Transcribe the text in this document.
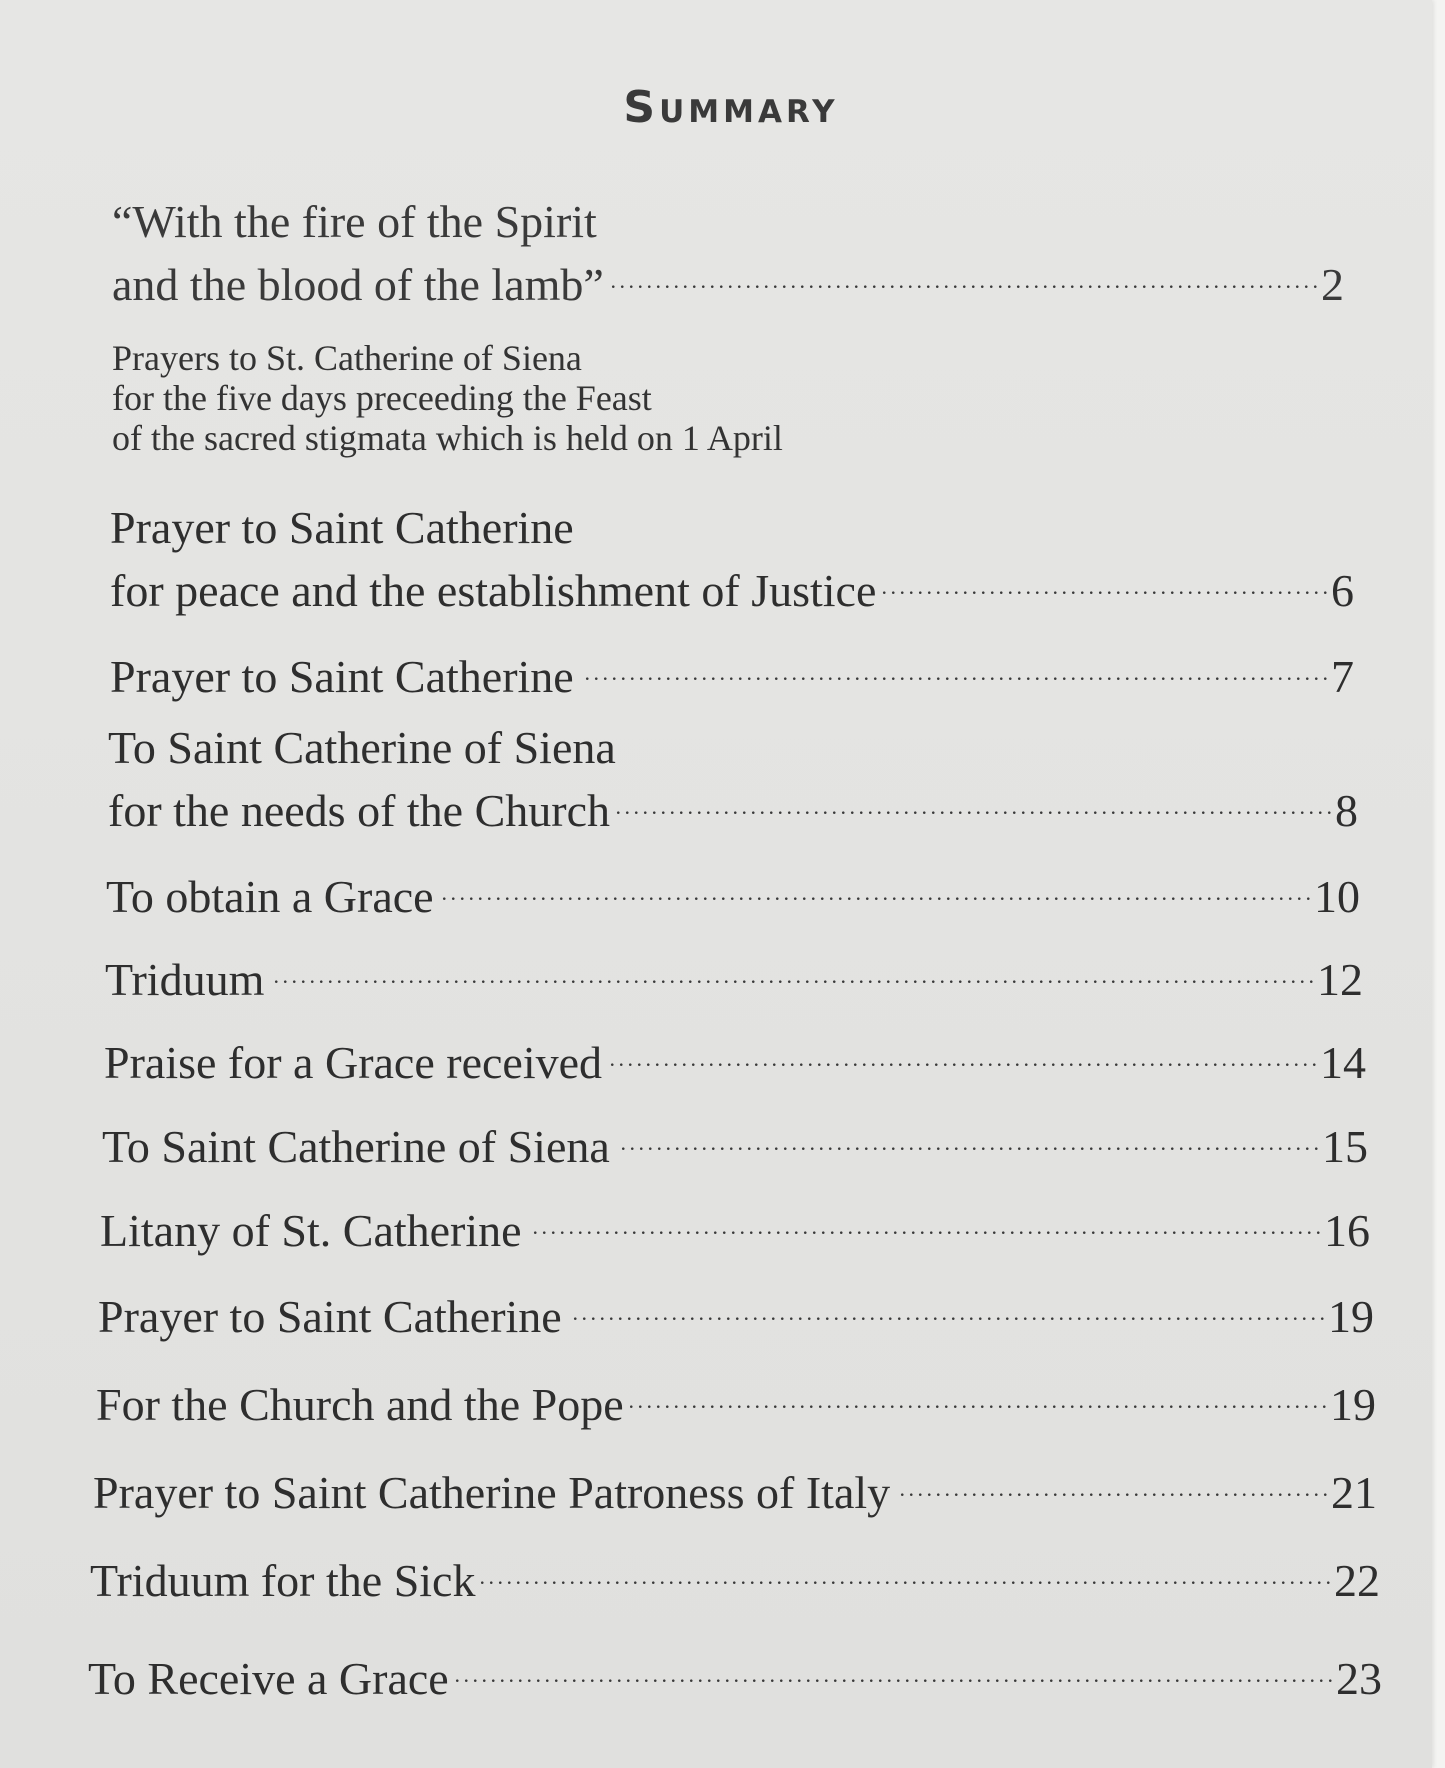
Summary
“With the fire of the Spirit
and the blood of the lamb” . . .	2
Prayers to St. Catherine of Siena
for the five days preceeding the Feast
of the sacred stigmata which is held on 1 April
Prayer to Saint Catherine
for peace and the establishment of Justice . . .	6
Prayer to Saint Catherine . . .	7
To Saint Catherine of Siena
for the needs of the Church . . .	8
To obtain a Grace . . .	10
Triduum . . .	12
Praise for a Grace received . . .	14
To Saint Catherine of Siena . . .	15
Litany of St. Catherine . . .	16
Prayer to Saint Catherine . . .	19
For the Church and the Pope . . .	19
Prayer to Saint Catherine Patroness of Italy . . .	21
Triduum for the Sick . . .	22
To Receive a Grace . . .	23
